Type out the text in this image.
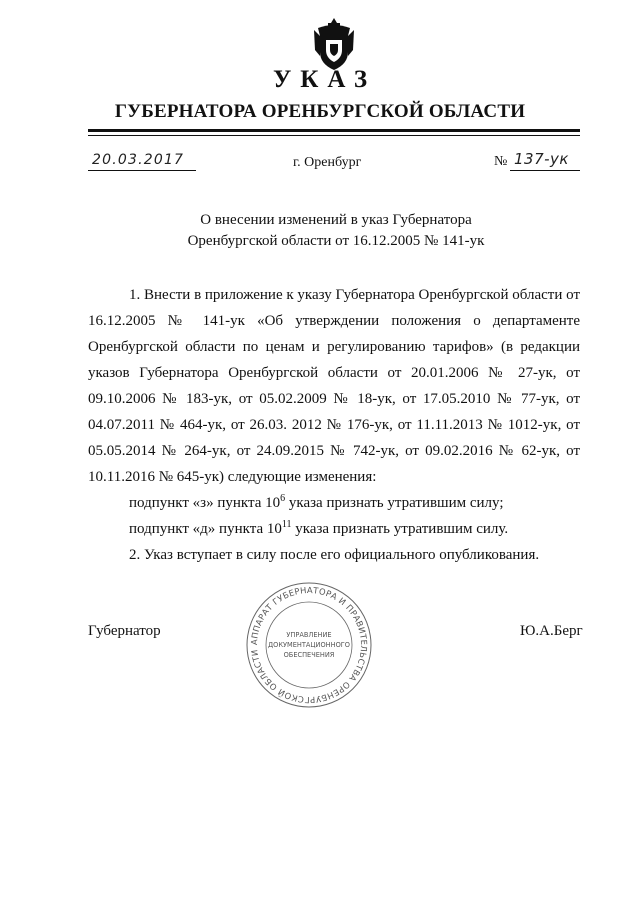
УКАЗ
ГУБЕРНАТОРА ОРЕНБУРГСКОЙ ОБЛАСТИ
20.03.2017	г. Оренбург	№ 137-ук
О внесении изменений в указ Губернатора
Оренбургской области от 16.12.2005 № 141-ук
1. Внести в приложение к указу Губернатора Оренбургской области от
16.12.2005 № 141-ук «Об утверждении положения о департаменте
Оренбургской области по ценам и регулированию тарифов» (в редакции
указов Губернатора Оренбургской области от 20.01.2006 № 27-ук, от
09.10.2006 № 183-ук, от 05.02.2009 № 18-ук, от 17.05.2010 № 77-ук, от
04.07.2011 № 464-ук, от 26.03. 2012 № 176-ук, от 11.11.2013 № 1012-ук, от
05.05.2014 № 264-ук, от 24.09.2015 № 742-ук, от 09.02.2016 № 62-ук, от
10.11.2016 № 645-ук) следующие изменения:
подпункт «з» пункта $10^6$ указа признать утратившим силу;
подпункт «д» пункта $10^{11}$ указа признать утратившим силу.
2. Указ вступает в силу после его официального опубликования.
Губернатор	Ю.А.Берг
АППАРАТ ГУБЕРНАТОРА И ПРАВИТЕЛЬСТВА ОРЕНБУРГСКОЙ ОБЛАСТИ
УПРАВЛЕНИЕ
ДОКУМЕНТАЦИОННОГО
ОБЕСПЕЧЕНИЯ
